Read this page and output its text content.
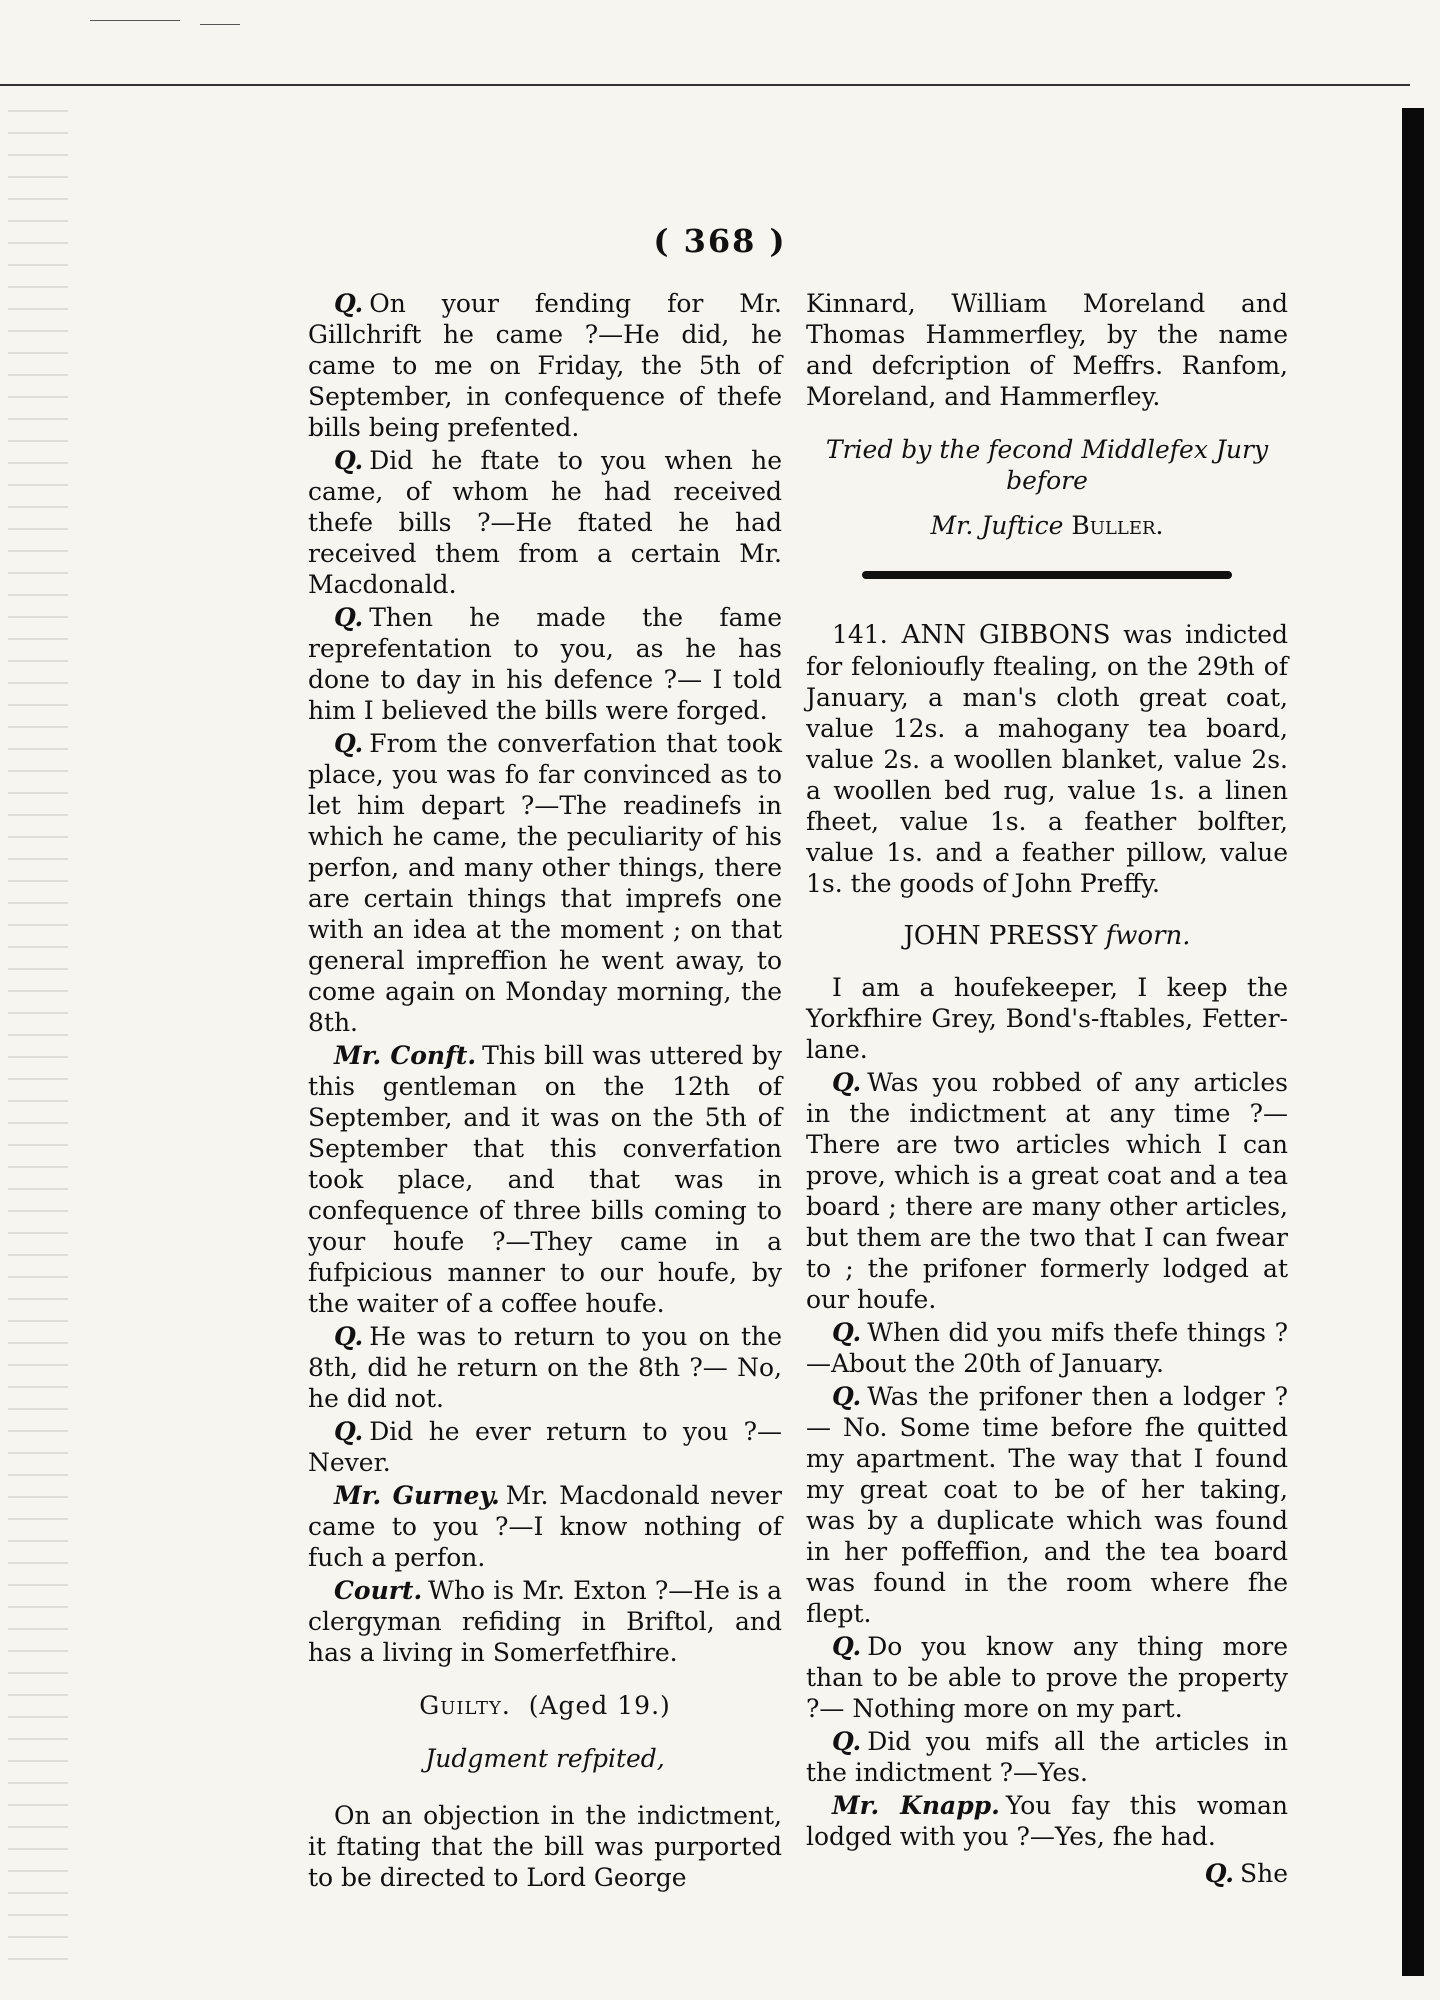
( 368 )

Q. On your fending for Mr. Gillchrift he came ?—He did, he came to me on Friday, the 5th of September, in confequence of thefe bills being prefented.

Q. Did he ftate to you when he came, of whom he had received thefe bills ?—He ftated he had received them from a certain Mr. Macdonald.

Q. Then he made the fame reprefentation to you, as he has done to day in his defence ?— I told him I believed the bills were forged.

Q. From the converfation that took place, you was fo far convinced as to let him depart ?—The readinefs in which he came, the peculiarity of his perfon, and many other things, there are certain things that imprefs one with an idea at the moment ; on that general impreffion he went away, to come again on Monday morning, the 8th.

Mr. Conft. This bill was uttered by this gentleman on the 12th of September, and it was on the 5th of September that this converfation took place, and that was in confequence of three bills coming to your houfe ?—They came in a fufpicious manner to our houfe, by the waiter of a coffee houfe.

Q. He was to return to you on the 8th, did he return on the 8th ?— No, he did not.

Q. Did he ever return to you ?— Never.

Mr. Gurney. Mr. Macdonald never came to you ?—I know nothing of fuch a perfon.

Court. Who is Mr. Exton ?—He is a clergyman refiding in Briftol, and has a living in Somerfetfhire.

Guilty. (Aged 19.)

Judgment refpited,

On an objection in the indictment, it ftating that the bill was purported to be directed to Lord George

Kinnard, William Moreland and Thomas Hammerfley, by the name and defcription of Meffrs. Ranfom, Moreland, and Hammerfley.

Tried by the fecond Middlefex Jury before

Mr. Juftice Buller.

141. ANN GIBBONS was indicted for felonioufly ftealing, on the 29th of January, a man's cloth great coat, value 12s. a mahogany tea board, value 2s. a woollen blanket, value 2s. a woollen bed rug, value 1s. a linen fheet, value 1s. a feather bolfter, value 1s. and a feather pillow, value 1s. the goods of John Preffy.

JOHN PRESSY fworn.

I am a houfekeeper, I keep the Yorkfhire Grey, Bond's-ftables, Fetter-lane.

Q. Was you robbed of any articles in the indictment at any time ?— There are two articles which I can prove, which is a great coat and a tea board ; there are many other articles, but them are the two that I can fwear to ; the prifoner formerly lodged at our houfe.

Q. When did you mifs thefe things ? —About the 20th of January.

Q. Was the prifoner then a lodger ?— No. Some time before fhe quitted my apartment. The way that I found my great coat to be of her taking, was by a duplicate which was found in her poffeffion, and the tea board was found in the room where fhe flept.

Q. Do you know any thing more than to be able to prove the property ?— Nothing more on my part.

Q. Did you mifs all the articles in the indictment ?—Yes.

Mr. Knapp. You fay this woman lodged with you ?—Yes, fhe had.

Q. She
